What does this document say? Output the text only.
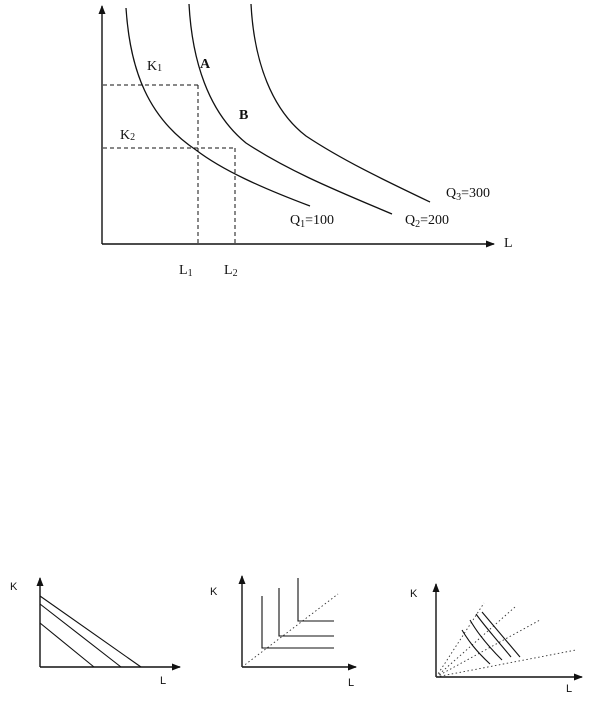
K1	A
B
K2
$Q_1=100$	$Q_2=200$
$Q_3=300$
L
L1 L2
K
L
K
L
K
L
